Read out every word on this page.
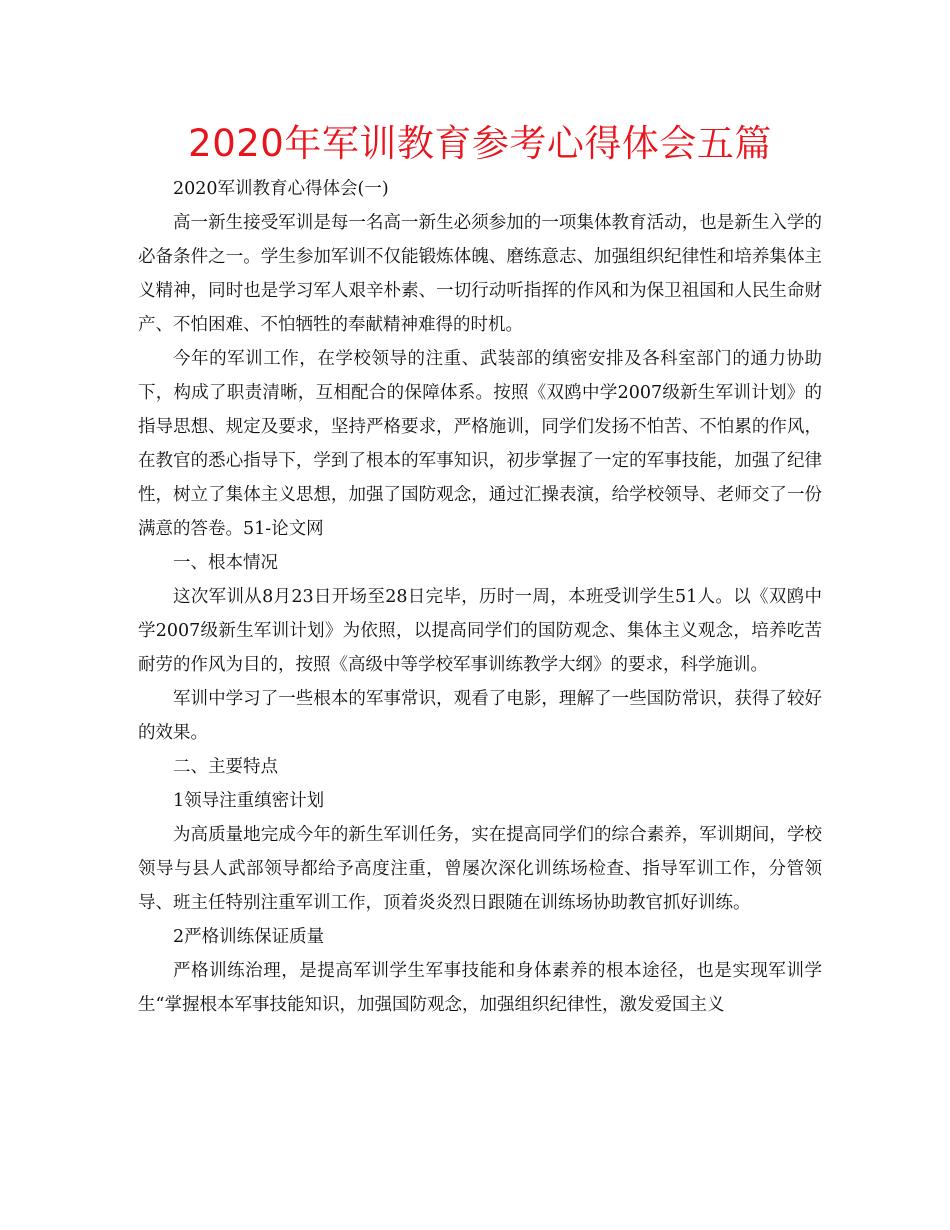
2020年军训教育参考心得体会五篇

2020军训教育心得体会(一)

高一新生接受军训是每一名高一新生必须参加的一项集体教育活动，也是新生入学的必备条件之一。学生参加军训不仅能锻炼体魄、磨练意志、加强组织纪律性和培养集体主义精神，同时也是学习军人艰辛朴素、一切行动听指挥的作风和为保卫祖国和人民生命财产、不怕困难、不怕牺牲的奉献精神难得的时机。

今年的军训工作，在学校领导的注重、武装部的缜密安排及各科室部门的通力协助下，构成了职责清晰，互相配合的保障体系。按照《双鸥中学2007级新生军训计划》的指导思想、规定及要求，坚持严格要求，严格施训，同学们发扬不怕苦、不怕累的作风，在教官的悉心指导下，学到了根本的军事知识，初步掌握了一定的军事技能，加强了纪律性，树立了集体主义思想，加强了国防观念，通过汇操表演，给学校领导、老师交了一份满意的答卷。51-论文网

一、根本情况

这次军训从8月23日开场至28日完毕，历时一周，本班受训学生51人。以《双鸥中学2007级新生军训计划》为依照，以提高同学们的国防观念、集体主义观念，培养吃苦耐劳的作风为目的，按照《高级中等学校军事训练教学大纲》的要求，科学施训。

军训中学习了一些根本的军事常识，观看了电影，理解了一些国防常识，获得了较好的效果。

二、主要特点

1领导注重缜密计划

为高质量地完成今年的新生军训任务，实在提高同学们的综合素养，军训期间，学校领导与县人武部领导都给予高度注重，曾屡次深化训练场检查、指导军训工作，分管领导、班主任特别注重军训工作，顶着炎炎烈日跟随在训练场协助教官抓好训练。

2严格训练保证质量

严格训练治理，是提高军训学生军事技能和身体素养的根本途径，也是实现军训学生“掌握根本军事技能知识，加强国防观念，加强组织纪律性，激发爱国主义
